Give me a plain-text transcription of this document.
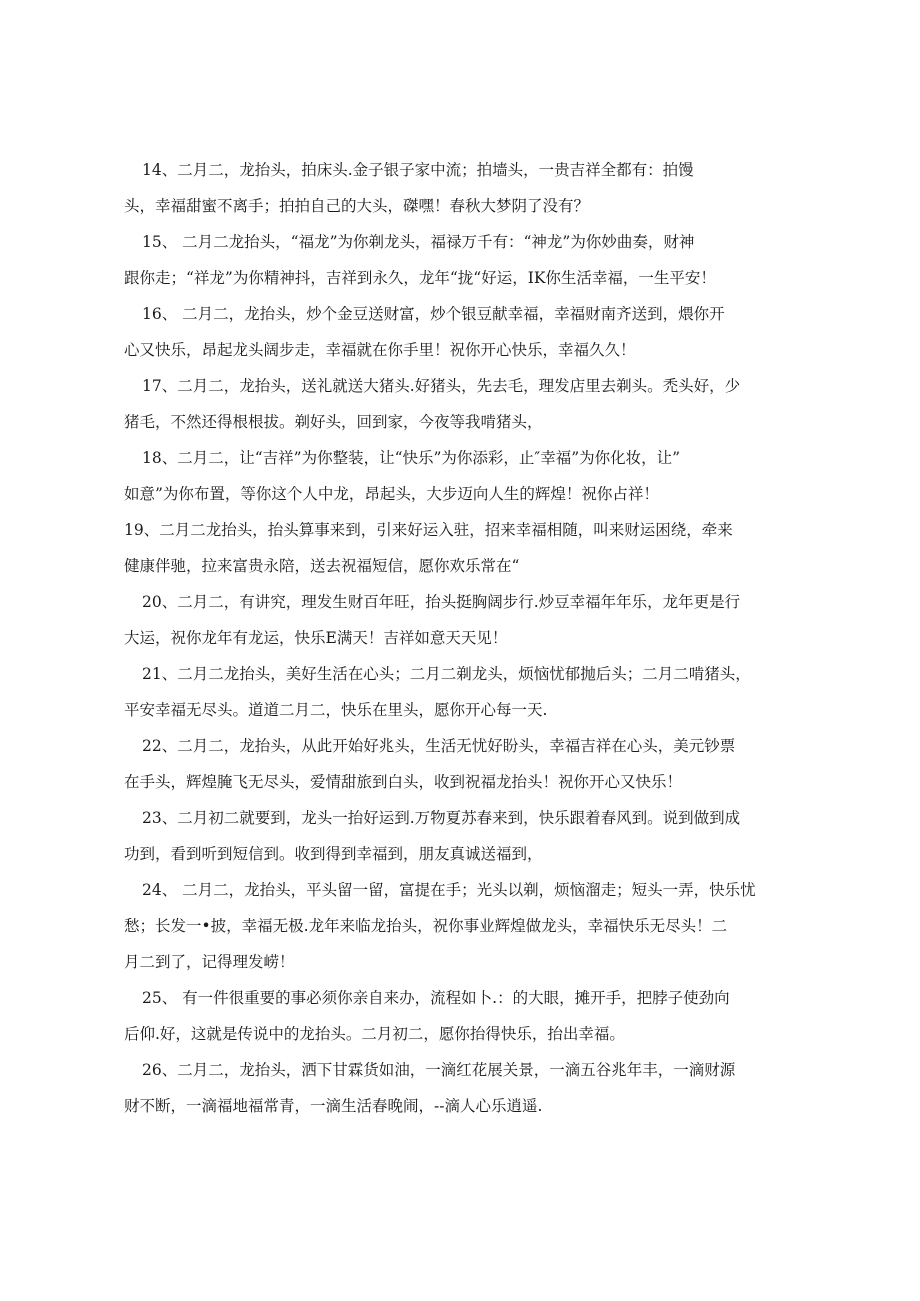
14、二月二，龙抬头，拍床头.金子银子家中流；拍墙头，一贵吉祥全都有：拍馒
头，幸福甜蜜不离手；拍拍自己的大头，磔嘿！春秋大梦阴了没有？
15、 二月二龙抬头，“福龙”为你剃龙头，福禄万千有：“神龙”为你妙曲奏，财神
跟你走；“祥龙”为你精神抖，吉祥到永久，龙年“拢“好运，IK你生活幸福，一生平安！
16、 二月二，龙抬头，炒个金豆送财富，炒个银豆献幸福，幸福财南齐送到，煨你开
心又快乐，昂起龙头阔步走，幸福就在你手里！祝你开心快乐，幸福久久！
17、二月二，龙抬头，送礼就送大猪头.好猪头，先去毛，理发店里去剃头。禿头好，少
猪毛，不然还得根根拔。剃好头，回到家，今夜等我啃猪头，
18、二月二，让“吉祥”为你整装，让“快乐”为你添彩，止″幸福”为你化妆，让”
如意”为你布置，等你这个人中龙，昂起头，大步迈向人生的辉煌！祝你占祥！
19、二月二龙抬头，抬头算事来到，引来好运入驻，招来幸福相随，叫来财运困绕，牵来
健康伴驰，拉来富贵永陪，送去祝福短信，愿你欢乐常在“
20、二月二，有讲究，理发生财百年旺，抬头挺胸阔步行.炒豆幸福年年乐，龙年更是行
大运，祝你龙年有龙运，快乐E满天！吉祥如意天天见！
21、二月二龙抬头，美好生活在心头；二月二剃龙头，烦恼忧郁抛后头；二月二啃猪头，
平安幸福无尽头。道道二月二，快乐在里头，愿你开心每一天.
22、二月二，龙抬头，从此开始好兆头，生活无忧好盼头，幸福吉祥在心头，美元钞票
在手头，辉煌腌飞无尽头，爱情甜旅到白头，收到祝福龙抬头！祝你开心又快乐！
23、二月初二就要到，龙头一抬好运到.万物夏苏春来到，快乐跟着春风到。说到做到成
功到，看到听到短信到。收到得到幸福到，朋友真诚送福到，
24、 二月二，龙抬头，平头留一留，富提在手；光头以剃，烦恼溜走；短头一弄，快乐忧
愁；长发一•披，幸福无极.龙年来临龙抬头，祝你事业辉煌做龙头，幸福快乐无尽头！二
月二到了，记得理发崂！
25、 有一件很重要的事必须你亲自来办，流程如卜.：的大眼，摊开手，把脖子使劲向
后仰.好，这就是传说中的龙抬头。二月初二，愿你抬得快乐，抬出幸福。
26、二月二，龙抬头，洒下甘霖货如油，一滴红花展关景，一滴五谷兆年丰，一滴财源
财不断，一滴福地福常青，一滴生活春晚闹，--滴人心乐逍遥.
